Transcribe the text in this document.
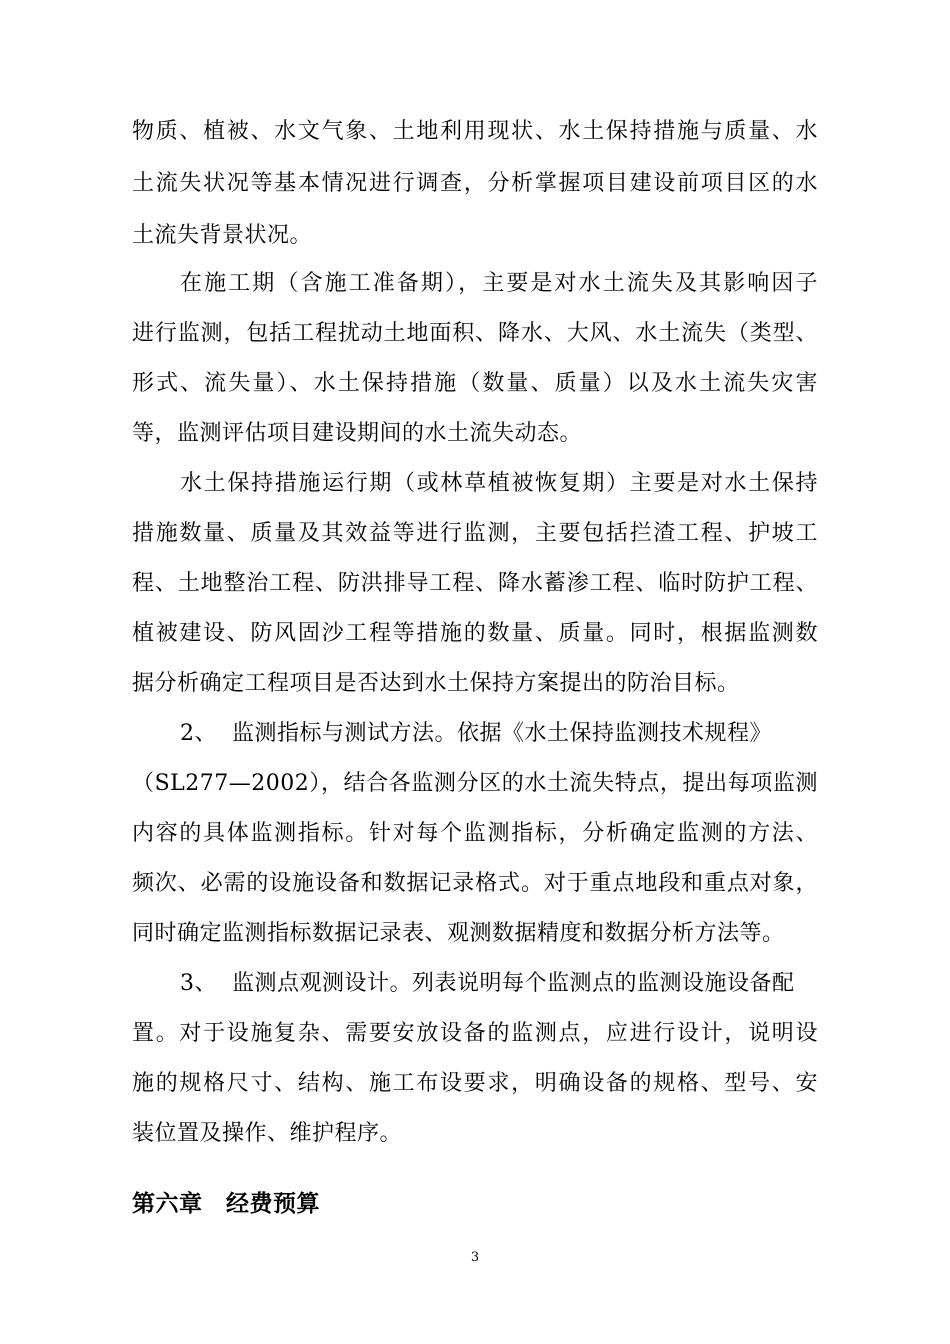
物质、植被、水文气象、土地利用现状、水土保持措施与质量、水
土流失状况等基本情况进行调查，分析掌握项目建设前项目区的水
土流失背景状况。
在施工期（含施工准备期），主要是对水土流失及其影响因子
进行监测，包括工程扰动土地面积、降水、大风、水土流失（类型、
形式、流失量）、水土保持措施（数量、质量）以及水土流失灾害
等，监测评估项目建设期间的水土流失动态。
水土保持措施运行期（或林草植被恢复期）主要是对水土保持
措施数量、质量及其效益等进行监测，主要包括拦渣工程、护坡工
程、土地整治工程、防洪排导工程、降水蓄渗工程、临时防护工程、
植被建设、防风固沙工程等措施的数量、质量。同时，根据监测数
据分析确定工程项目是否达到水土保持方案提出的防治目标。
2、 监测指标与测试方法。依据《水土保持监测技术规程》
（SL277—2002），结合各监测分区的水土流失特点，提出每项监测
内容的具体监测指标。针对每个监测指标，分析确定监测的方法、
频次、必需的设施设备和数据记录格式。对于重点地段和重点对象，
同时确定监测指标数据记录表、观测数据精度和数据分析方法等。
3、 监测点观测设计。列表说明每个监测点的监测设施设备配
置。对于设施复杂、需要安放设备的监测点，应进行设计，说明设
施的规格尺寸、结构、施工布设要求，明确设备的规格、型号、安
装位置及操作、维护程序。
第六章　经费预算
3
